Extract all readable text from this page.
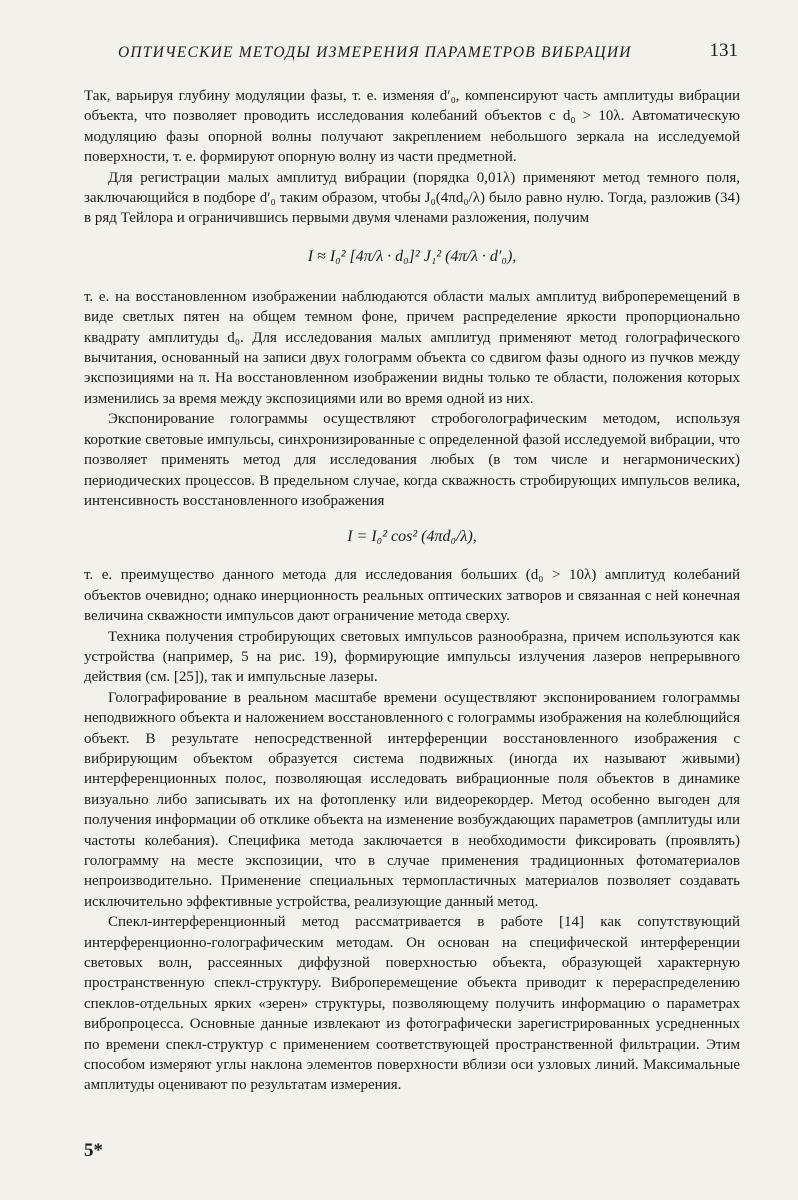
ОПТИЧЕСКИЕ МЕТОДЫ ИЗМЕРЕНИЯ ПАРАМЕТРОВ ВИБРАЦИИ	131

Так, варьируя глубину модуляции фазы, т. е. изменяя d′₀, компенсируют часть амплитуды вибрации объекта, что позволяет проводить исследования колебаний объектов с d₀ > 10λ. Автоматическую модуляцию фазы опорной волны получают закреплением небольшого зеркала на исследуемой поверхности, т. е. формируют опорную волну из части предметной.

Для регистрации малых амплитуд вибрации (порядка 0,01λ) применяют метод темного поля, заключающийся в подборе d′₀ таким образом, чтобы J₀(4πd₀/λ) было равно нулю. Тогда, разложив (34) в ряд Тейлора и ограничившись первыми двумя членами разложения, получим

I ≈ I₀² [4π/λ · d₀]² J₁² (4π/λ · d′₀),

т. е. на восстановленном изображении наблюдаются области малых амплитуд виброперемещений в виде светлых пятен на общем темном фоне, причем распределение яркости пропорционально квадрату амплитуды d₀. Для исследования малых амплитуд применяют метод голографического вычитания, основанный на записи двух голограмм объекта со сдвигом фазы одного из пучков между экспозициями на π. На восстановленном изображении видны только те области, положения которых изменились за время между экспозициями или во время одной из них.

Экспонирование голограммы осуществляют стробоголографическим методом, используя короткие световые импульсы, синхронизированные с определенной фазой исследуемой вибрации, что позволяет применять метод для исследования любых (в том числе и негармонических) периодических процессов. В предельном случае, когда скважность стробирующих импульсов велика, интенсивность восстановленного изображения

I = I₀² cos² (4πd₀/λ),

т. е. преимущество данного метода для исследования больших (d₀ > 10λ) амплитуд колебаний объектов очевидно; однако инерционность реальных оптических затворов и связанная с ней конечная величина скважности импульсов дают ограничение метода сверху.

Техника получения стробирующих световых импульсов разнообразна, причем используются как устройства (например, 5 на рис. 19), формирующие импульсы излучения лазеров непрерывного действия (см. [25]), так и импульсные лазеры.

Голографирование в реальном масштабе времени осуществляют экспонированием голограммы неподвижного объекта и наложением восстановленного с голограммы изображения на колеблющийся объект. В результате непосредственной интерференции восстановленного изображения с вибрирующим объектом образуется система подвижных (иногда их называют живыми) интерференционных полос, позволяющая исследовать вибрационные поля объектов в динамике визуально либо записывать их на фотопленку или видеорекордер. Метод особенно выгоден для получения информации об отклике объекта на изменение возбуждающих параметров (амплитуды или частоты колебания). Специфика метода заключается в необходимости фиксировать (проявлять) голограмму на месте экспозиции, что в случае применения традиционных фотоматериалов непроизводительно. Применение специальных термопластичных материалов позволяет создавать исключительно эффективные устройства, реализующие данный метод.

Спекл-интерференционный метод рассматривается в работе [14] как сопутствующий интерференционно-голографическим методам. Он основан на специфической интерференции световых волн, рассеянных диффузной поверхностью объекта, образующей характерную пространственную спекл-структуру. Виброперемещение объекта приводит к перераспределению спеклов-отдельных ярких «зерен» структуры, позволяющему получить информацию о параметрах вибропроцесса. Основные данные извлекают из фотографически зарегистрированных усредненных по времени спекл-структур с применением соответствующей пространственной фильтрации. Этим способом измеряют углы наклона элементов поверхности вблизи оси узловых линий. Максимальные амплитуды оценивают по результатам измерения.

5*
